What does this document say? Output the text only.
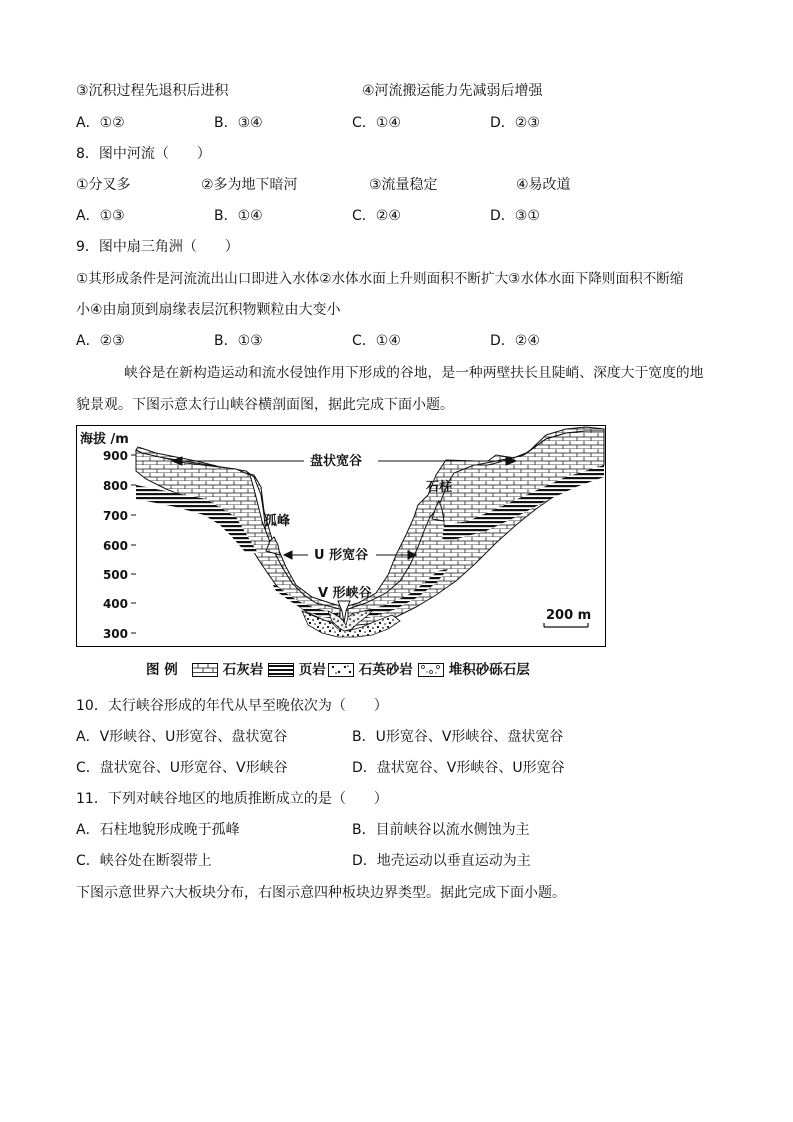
③沉积过程先退积后进积	④河流搬运能力先减弱后增强
A．①②	B．③④	C．①④	D．②③
8．图中河流（　　）
①分叉多	②多为地下暗河	③流量稳定	④易改道
A．①③	B．①④	C．②④	D．③①
9．图中扇三角洲（　　）
①其形成条件是河流流出山口即进入水体②水体水面上升则面积不断扩大③水体水面下降则面积不断缩
小④由扇顶到扇缘表层沉积物颗粒由大变小
A．②③	B．①③	C．①④	D．②④
峡谷是在新构造运动和流水侵蚀作用下形成的谷地，是一种两壁扶长且陡峭、深度大于宽度的地
貌景观。下图示意太行山峡谷横剖面图，据此完成下面小题。
海拔 /m
900
800
700
600
500
400
300
盘状宽谷
石柱
孤峰
U 形宽谷
V 形峡谷
200 m
图 例	石灰岩	页岩	石英砂岩	堆积砂砾石层
10．太行峡谷形成的年代从早至晚依次为（　　）
A．V形峡谷、U形宽谷、盘状宽谷	B．U形宽谷、V形峡谷、盘状宽谷
C．盘状宽谷、U形宽谷、V形峡谷	D．盘状宽谷、V形峡谷、U形宽谷
11．下列对峡谷地区的地质推断成立的是（　　）
A．石柱地貌形成晚于孤峰	B．目前峡谷以流水侧蚀为主
C．峡谷处在断裂带上	D．地壳运动以垂直运动为主
下图示意世界六大板块分布，右图示意四种板块边界类型。据此完成下面小题。
